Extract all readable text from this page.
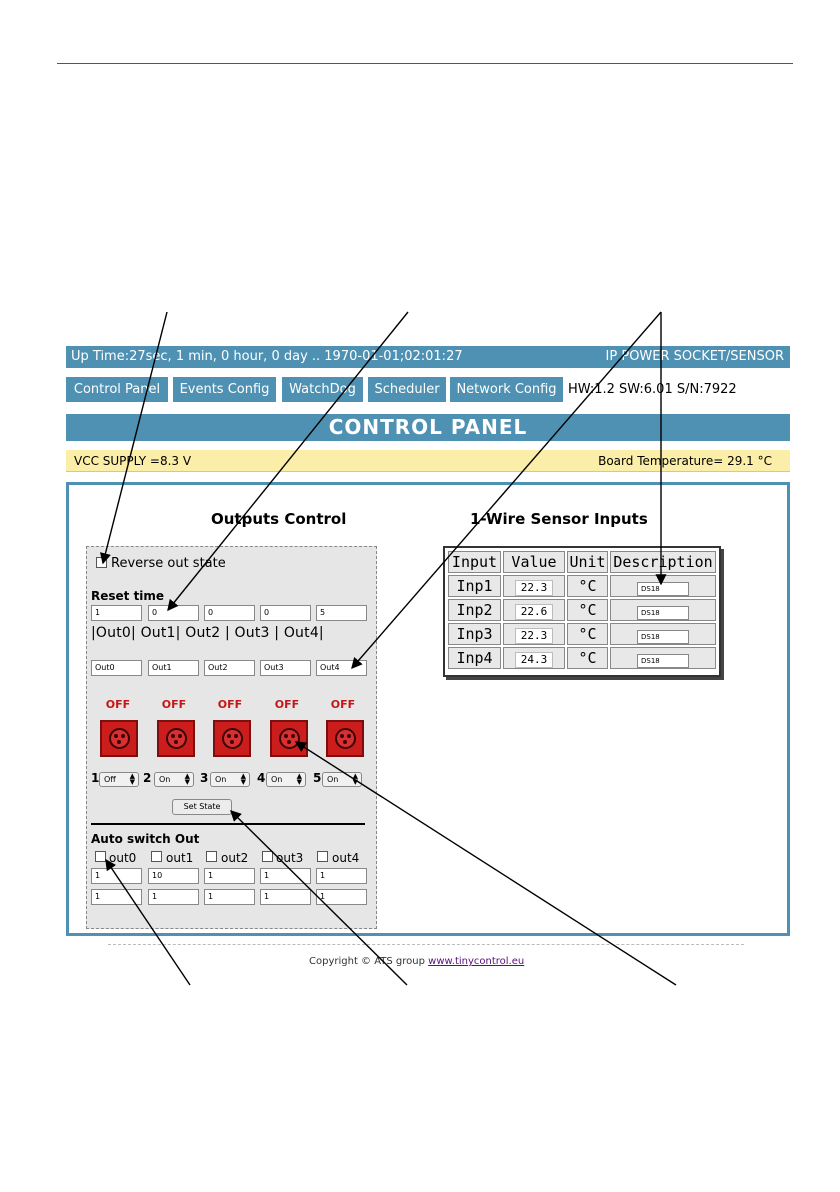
Up Time:27sec, 1 min, 0 hour, 0 day .. 1970-01-01;02:01:27	IP POWER SOCKET/SENSOR
Control Panel	Events Config	WatchDog	Scheduler	Network Config HW:1.2 SW:6.01 S/N:7922
CONTROL PANEL
VCC SUPPLY =8.3 V	Board Temperature= 29.1 °C
Outputs Control	1-Wire Sensor Inputs
Reverse out state
Reset time
1	0	0	0	5
|Out0| Out1| Out2 | Out3 | Out4|
Out0	Out1	Out2	Out3	Out4
OFF	OFF	OFF	OFF	OFF
1 Off ▲
▼ 2 On ▲
▼ 3 On ▲
▼ 4 On ▲
▼ 5 On ▲
▼
Set State
Auto switch Out
out0 out1 out2 out3 out4
1	10	1	1	1
1	1	1	1	1
Input	Value	Unit	Description
Inp1	22.3	°C	DS18
Inp2	22.6	°C	DS18
Inp3	22.3	°C	DS18
Inp4	24.3	°C	DS18
Copyright © ATS group www.tinycontrol.eu
